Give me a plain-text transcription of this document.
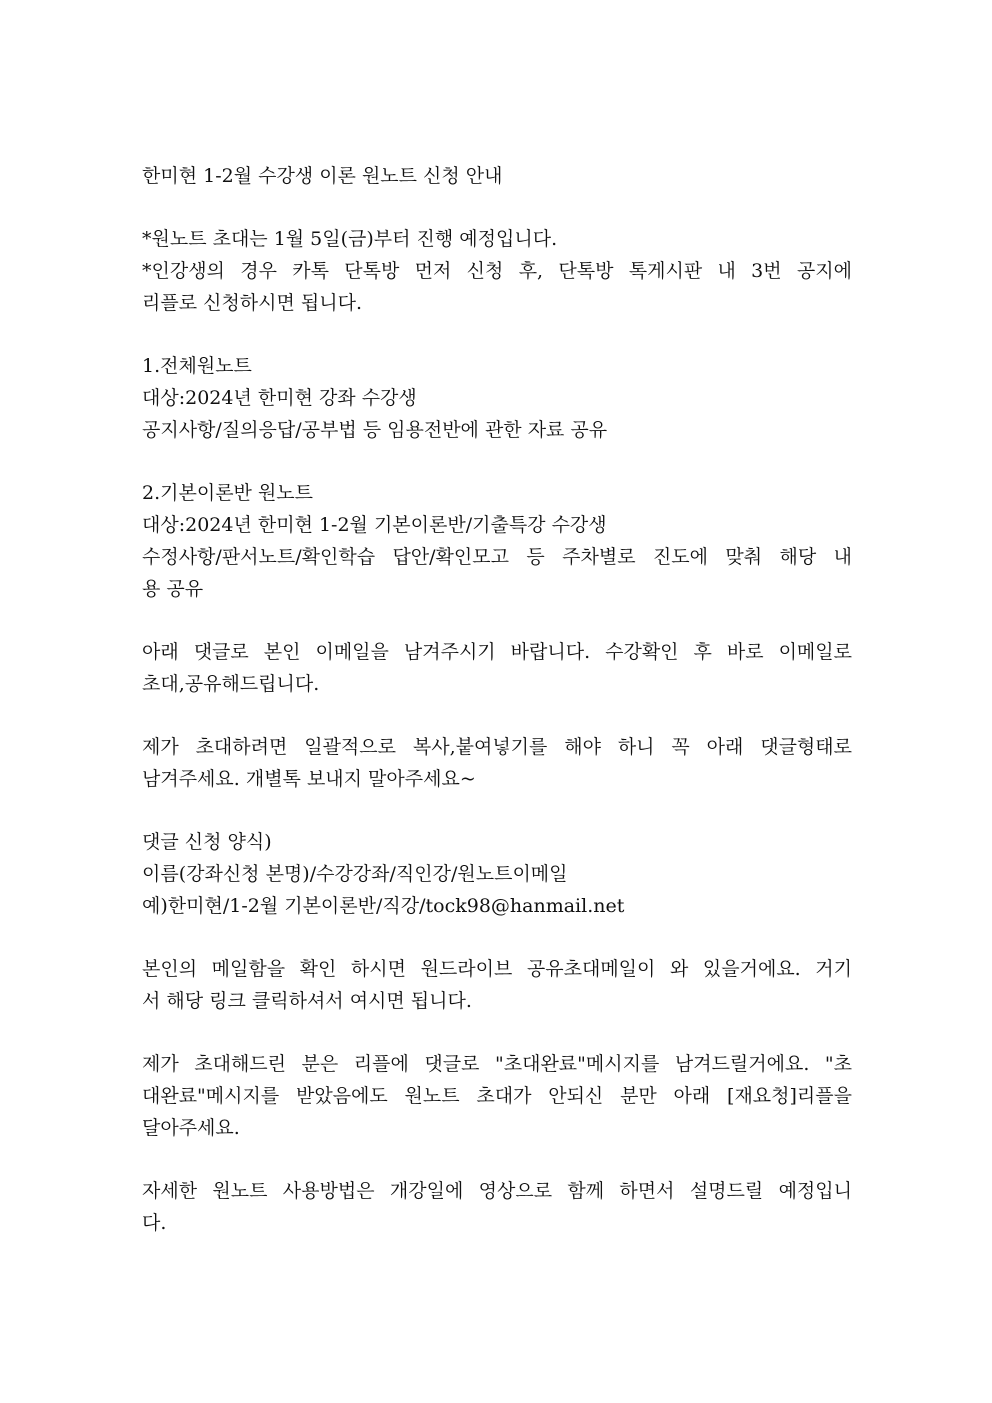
한미현 1-2월 수강생 이론 원노트 신청 안내
*원노트 초대는 1월 5일(금)부터 진행 예정입니다.
*인강생의 경우 카톡 단톡방 먼저 신청 후, 단톡방 톡게시판 내 3번 공지에
리플로 신청하시면 됩니다.
1.전체원노트
대상:2024년 한미현 강좌 수강생
공지사항/질의응답/공부법 등 임용전반에 관한 자료 공유
2.기본이론반 원노트
대상:2024년 한미현 1-2월 기본이론반/기출특강 수강생
수정사항/판서노트/확인학습 답안/확인모고 등 주차별로 진도에 맞춰 해당 내
용 공유
아래 댓글로 본인 이메일을 남겨주시기 바랍니다. 수강확인 후 바로 이메일로
초대,공유해드립니다.
제가 초대하려면 일괄적으로 복사,붙여넣기를 해야 하니 꼭 아래 댓글형태로
남겨주세요. 개별톡 보내지 말아주세요~
댓글 신청 양식)
이름(강좌신청 본명)/수강강좌/직인강/원노트이메일
예)한미현/1-2월 기본이론반/직강/tock98@hanmail.net
본인의 메일함을 확인 하시면 원드라이브 공유초대메일이 와 있을거에요. 거기
서 해당 링크 클릭하셔서 여시면 됩니다.
제가 초대해드린 분은 리플에 댓글로 "초대완료"메시지를 남겨드릴거에요. "초
대완료"메시지를 받았음에도 원노트 초대가 안되신 분만 아래 [재요청]리플을
달아주세요.
자세한 원노트 사용방법은 개강일에 영상으로 함께 하면서 설명드릴 예정입니
다.
